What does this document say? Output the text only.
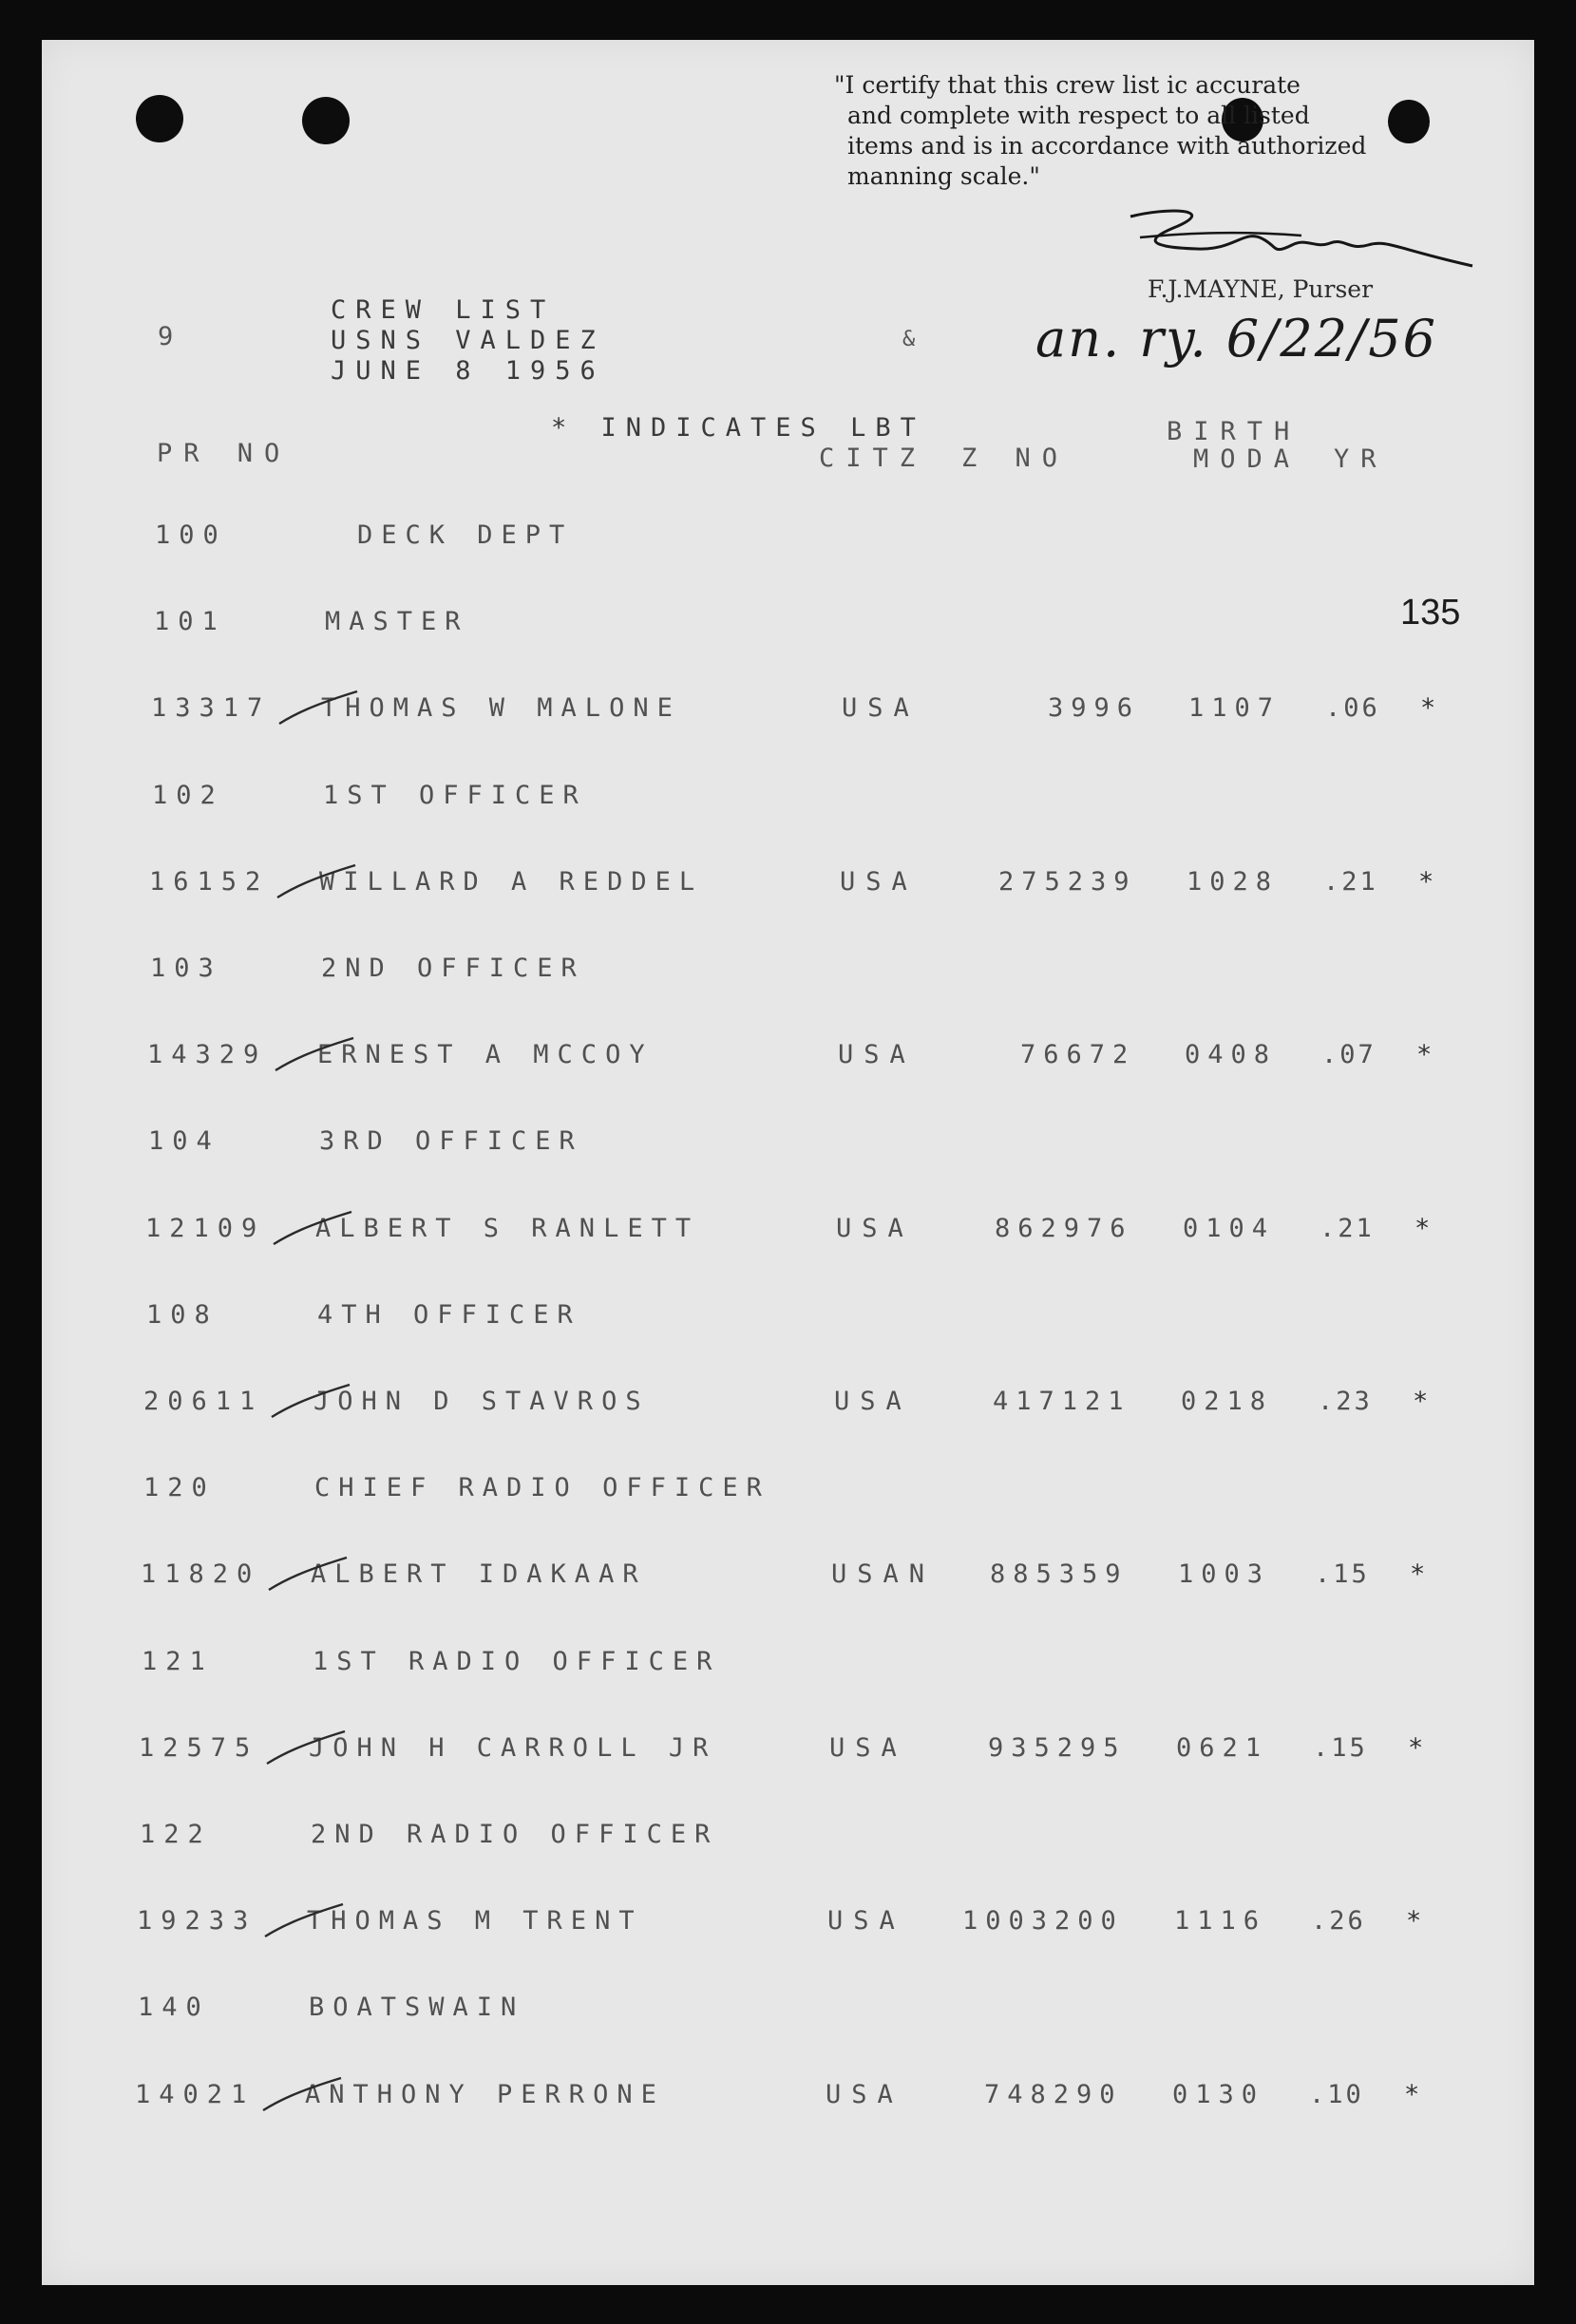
"I certify that this crew list ic accurate
and complete with respect to all listed
items and is in accordance with authorized
manning scale."
F.J.MAYNE, Purser
9
CREW LIST
USNS VALDEZ
JUNE 8 1956
& an. ry. 6/22/56
135
* INDICATES LBT
PR NO	CITZ Z NO
BIRTH
MODA YR
100	DECK DEPT
101	MASTER
13317 THOMAS W MALONE	USA	3996 1107 .06 *
102	1ST OFFICER
16152 WILLARD A REDDEL	USA	275239 1028 .21 *
103	2ND OFFICER
14329 ERNEST A MCCOY	USA	76672 0408 .07 *
104	3RD OFFICER
12109 ALBERT S RANLETT	USA	862976 0104 .21 *
108	4TH OFFICER
20611 JOHN D STAVROS	USA	417121 0218 .23 *
120	CHIEF RADIO OFFICER
11820 ALBERT IDAKAAR	USAN 885359 1003 .15 *
121	1ST RADIO OFFICER
12575 JOHN H CARROLL JR	USA	935295 0621 .15 *
122	2ND RADIO OFFICER
19233 THOMAS M TRENT	USA 1003200 1116 .26 *
140	BOATSWAIN
14021 ANTHONY PERRONE	USA	748290 0130 .10 *
